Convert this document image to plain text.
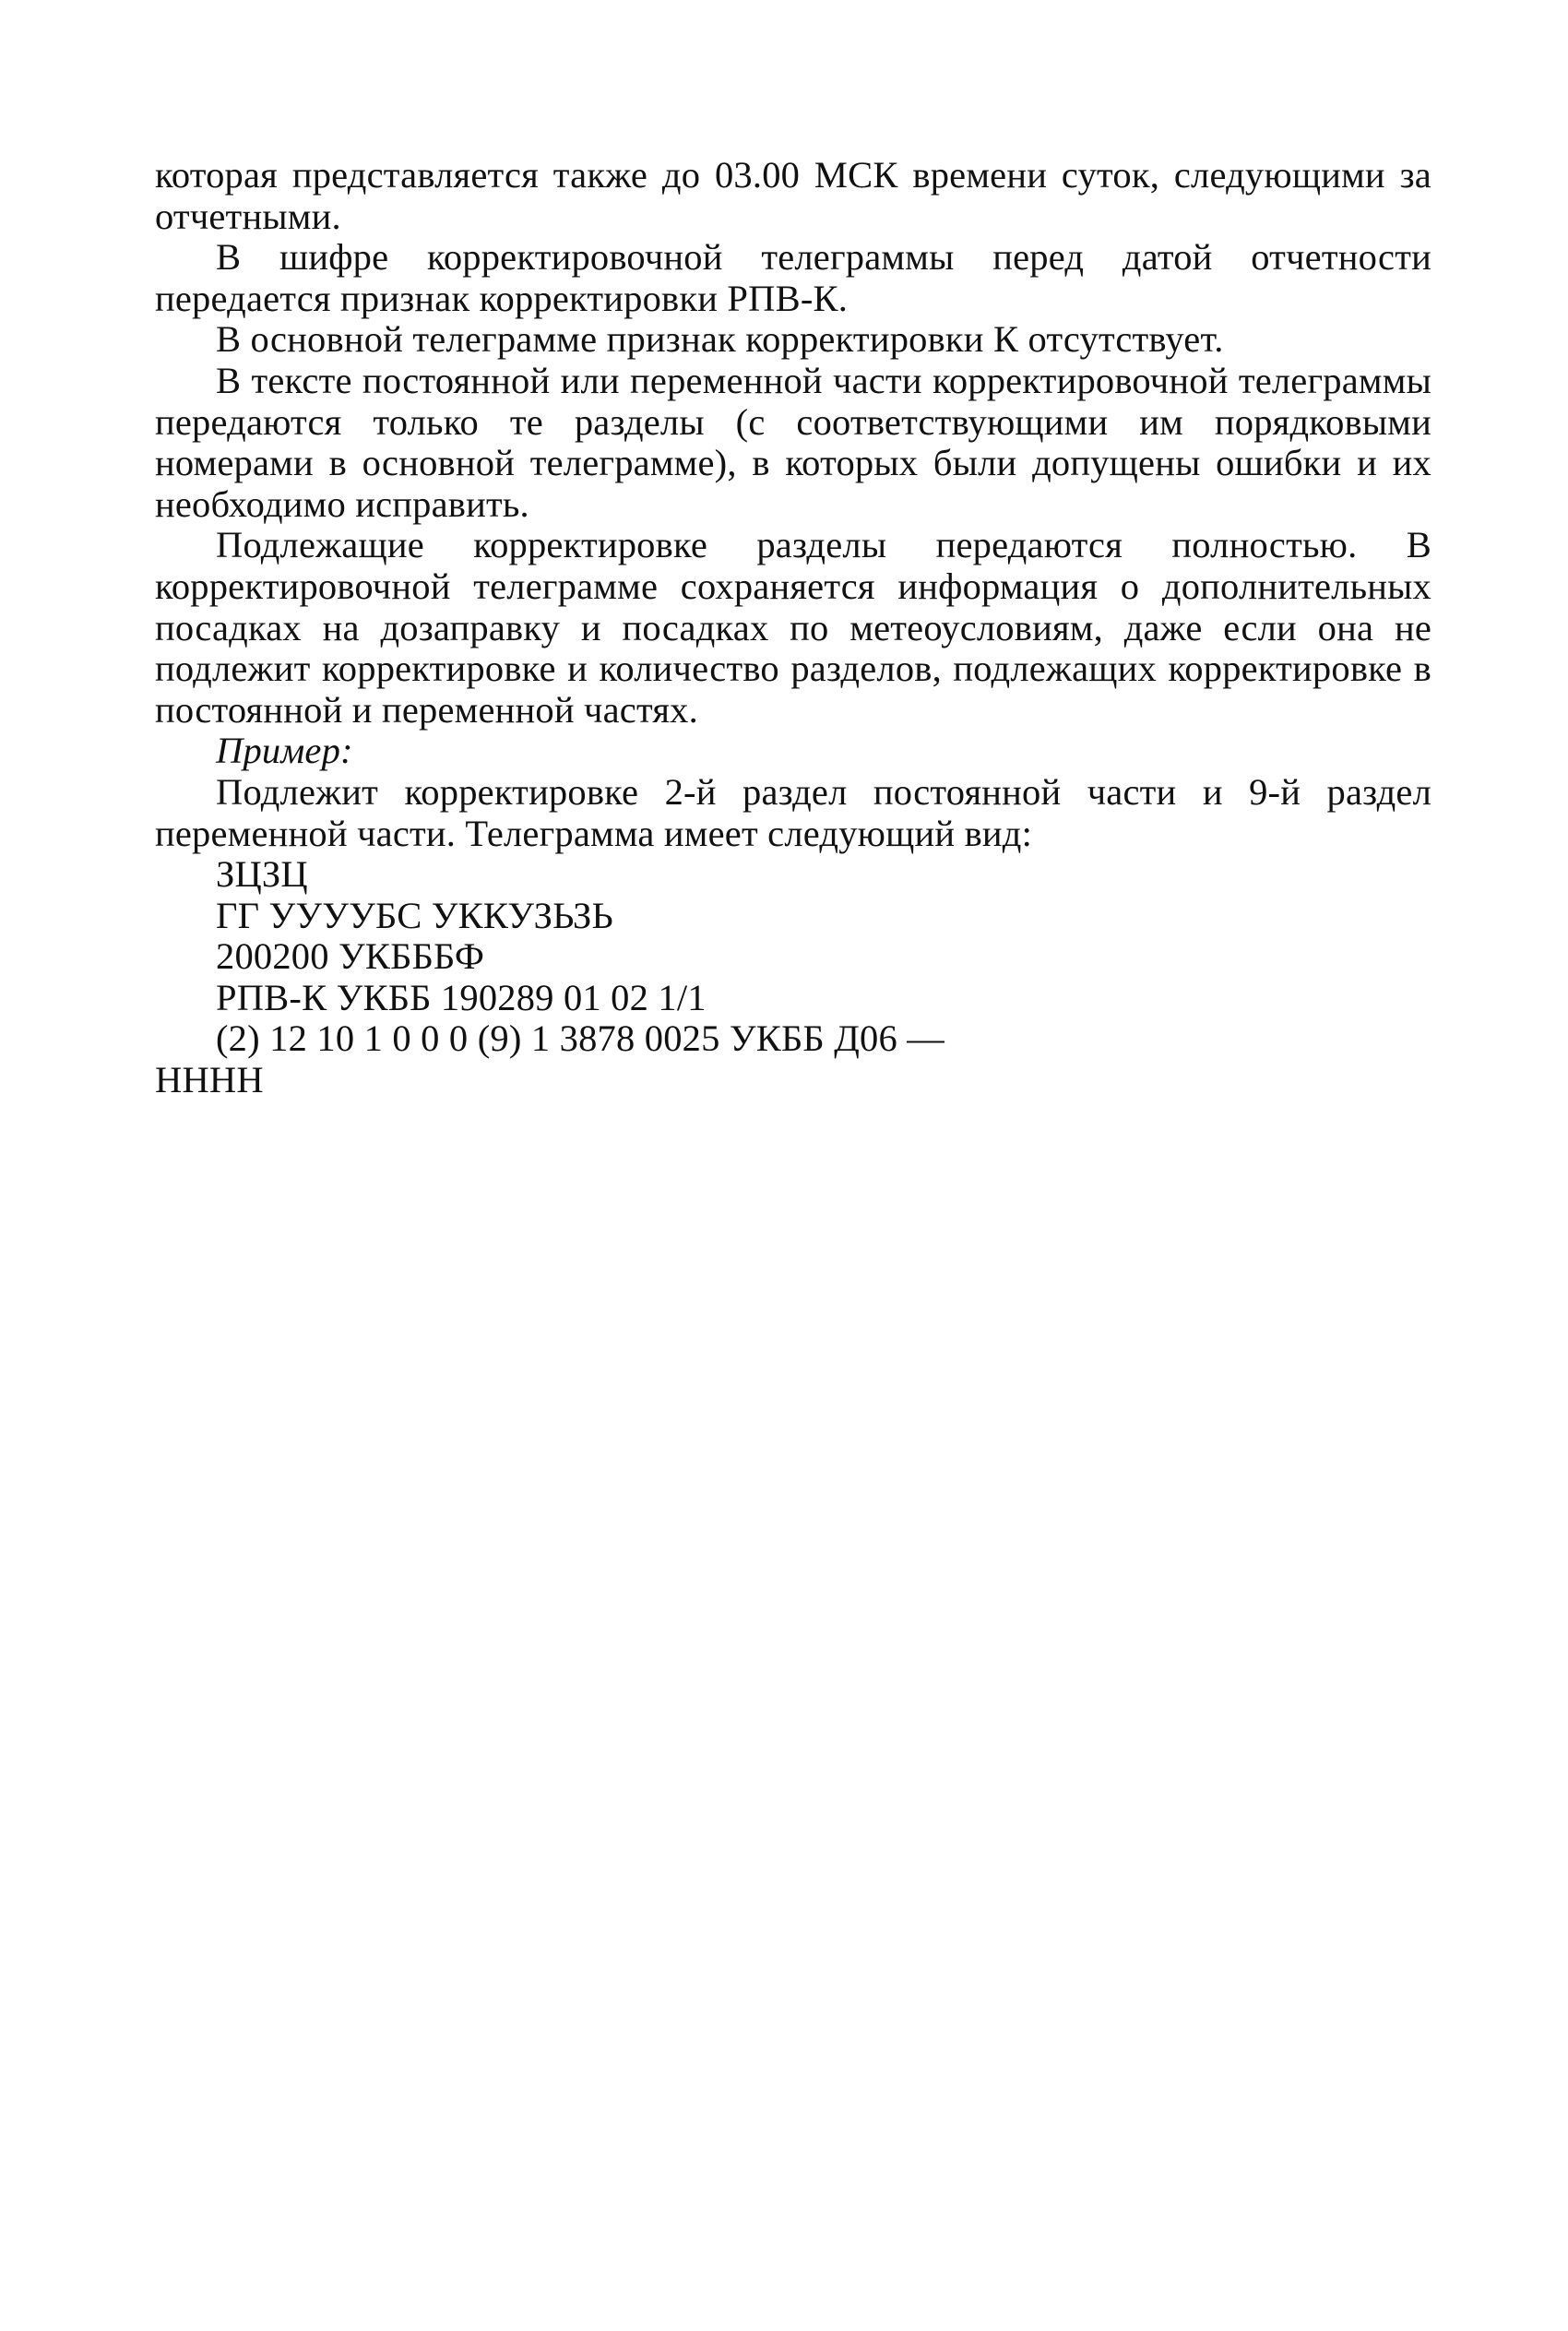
которая представляется также до 03.00 МСК времени суток, следующими за отчетными.

В шифре корректировочной телеграммы перед датой отчетности передается признак корректировки РПВ-К.

В основной телеграмме признак корректировки К отсутствует.

В тексте постоянной или переменной части корректировочной телеграммы передаются только те разделы (с соответствующими им порядковыми номерами в основной телеграмме), в которых были допущены ошибки и их необходимо исправить.

Подлежащие корректировке разделы передаются полностью. В корректировочной телеграмме сохраняется информация о дополнительных посадках на дозаправку и посадках по метеоусловиям, даже если она не подлежит корректировке и количество разделов, подлежащих корректировке в постоянной и переменной частях.

Пример:

Подлежит корректировке 2-й раздел постоянной части и 9-й раздел переменной части. Телеграмма имеет следующий вид:

ЗЦЗЦ
ГГ УУУУБС УККУЗЬЗЬ
200200 УКБББФ
РПВ-К УКББ 190289 01 02 1/1
(2) 12 10 1 0 0 0 (9) 1 3878 0025 УКББ Д06 —
НННН
